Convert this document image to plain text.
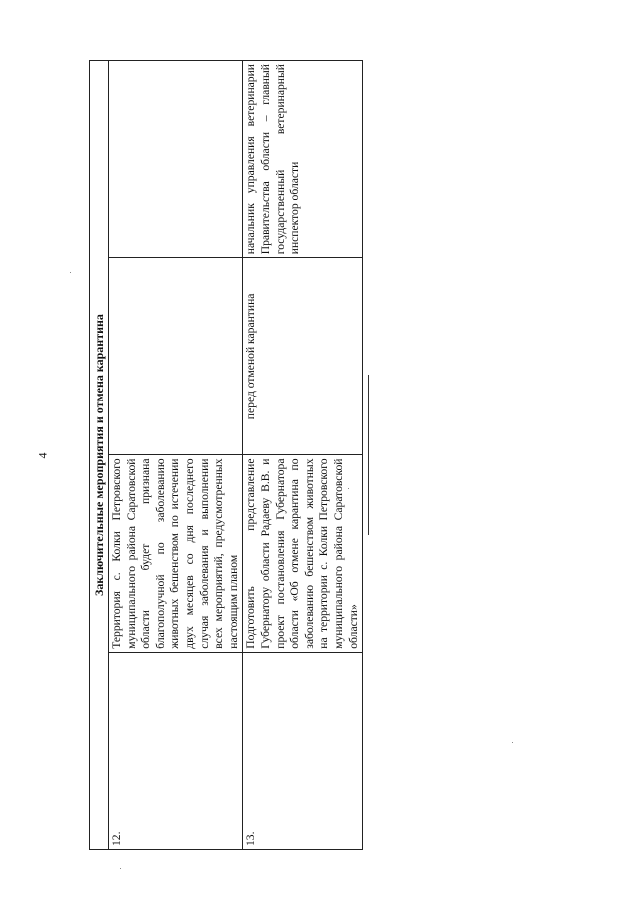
4	Заключительные мероприятия и отмена карантина			
12.	Территория с. Колки Петровского муниципального района Саратовской области будет признана благополучной по заболеванию животных бешенством по истечении двух месяцев со дня последнего случая заболевания и выполнении всех мероприятий, предусмотренных настоящим планом		
13.	Подготовить представление Губернатору области Радаеву В.В. и проект постановления Губернатора области «Об отмене карантина по заболеванию бешенством животных на территории с. Колки Петровского муниципального района Саратовской области»	перед отменой карантина	начальник управления ветеринарии Правительства области – главный государственный ветеринарный инспектор области
